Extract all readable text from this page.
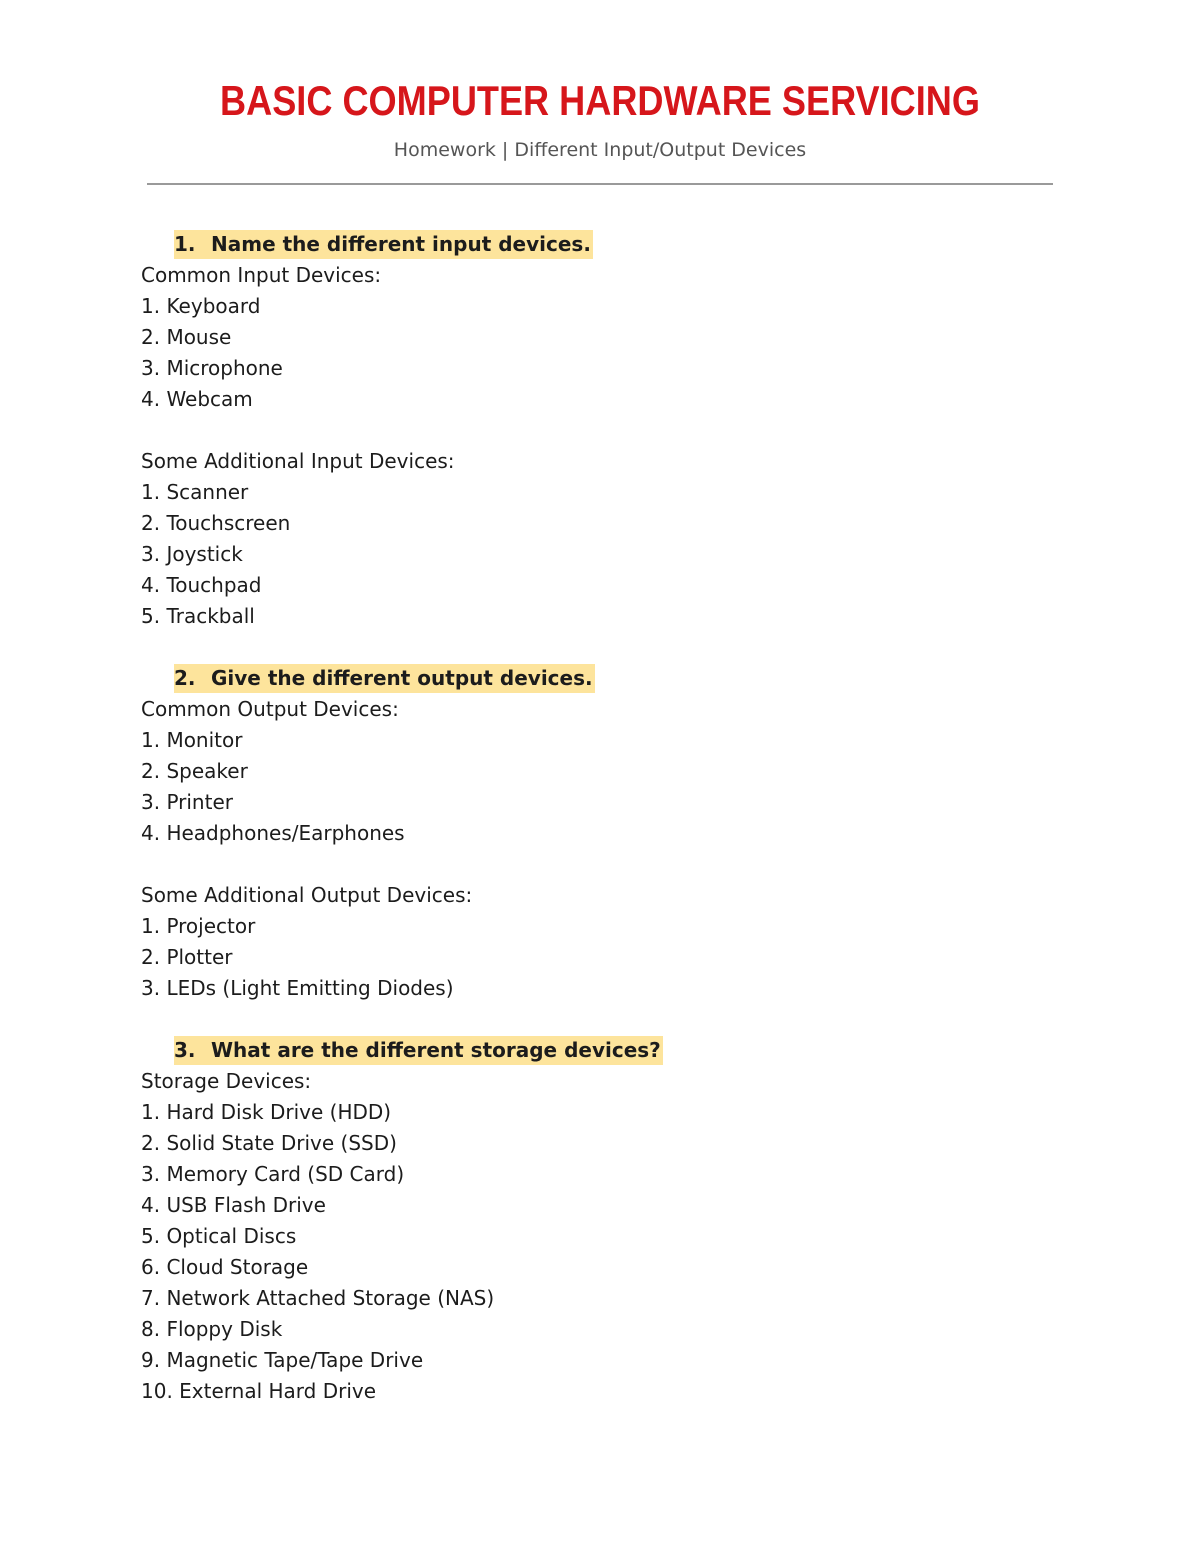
BASIC COMPUTER HARDWARE SERVICING
Homework | Different Input/Output Devices
1. Name the different input devices.
Common Input Devices:
1. Keyboard
2. Mouse
3. Microphone
4. Webcam
Some Additional Input Devices:
1. Scanner
2. Touchscreen
3. Joystick
4. Touchpad
5. Trackball
2. Give the different output devices.
Common Output Devices:
1. Monitor
2. Speaker
3. Printer
4. Headphones/Earphones
Some Additional Output Devices:
1. Projector
2. Plotter
3. LEDs (Light Emitting Diodes)
3. What are the different storage devices?
Storage Devices:
1. Hard Disk Drive (HDD)
2. Solid State Drive (SSD)
3. Memory Card (SD Card)
4. USB Flash Drive
5. Optical Discs
6. Cloud Storage
7. Network Attached Storage (NAS)
8. Floppy Disk
9. Magnetic Tape/Tape Drive
10. External Hard Drive
